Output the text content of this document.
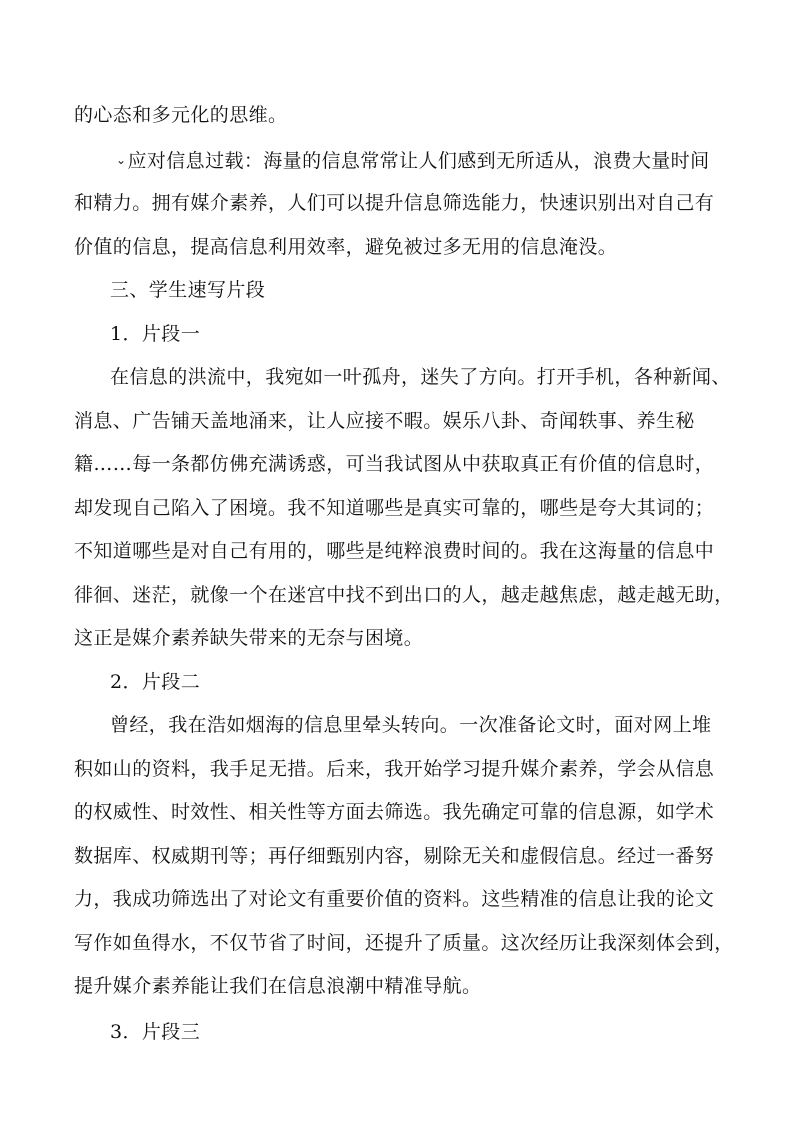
的心态和多元化的思维。
⌄应对信息过载：海量的信息常常让人们感到无所适从，浪费大量时间
和精力。拥有媒介素养，人们可以提升信息筛选能力，快速识别出对自己有
价值的信息，提高信息利用效率，避免被过多无用的信息淹没。
三、学生速写片段
1．片段一
在信息的洪流中，我宛如一叶孤舟，迷失了方向。打开手机，各种新闻、
消息、广告铺天盖地涌来，让人应接不暇。娱乐八卦、奇闻轶事、养生秘
籍……每一条都仿佛充满诱惑，可当我试图从中获取真正有价值的信息时，
却发现自己陷入了困境。我不知道哪些是真实可靠的，哪些是夸大其词的；
不知道哪些是对自己有用的，哪些是纯粹浪费时间的。我在这海量的信息中
徘徊、迷茫，就像一个在迷宫中找不到出口的人，越走越焦虑，越走越无助，
这正是媒介素养缺失带来的无奈与困境。
2．片段二
曾经，我在浩如烟海的信息里晕头转向。一次准备论文时，面对网上堆
积如山的资料，我手足无措。后来，我开始学习提升媒介素养，学会从信息
的权威性、时效性、相关性等方面去筛选。我先确定可靠的信息源，如学术
数据库、权威期刊等；再仔细甄别内容，剔除无关和虚假信息。经过一番努
力，我成功筛选出了对论文有重要价值的资料。这些精准的信息让我的论文
写作如鱼得水，不仅节省了时间，还提升了质量。这次经历让我深刻体会到，
提升媒介素养能让我们在信息浪潮中精准导航。
3．片段三
